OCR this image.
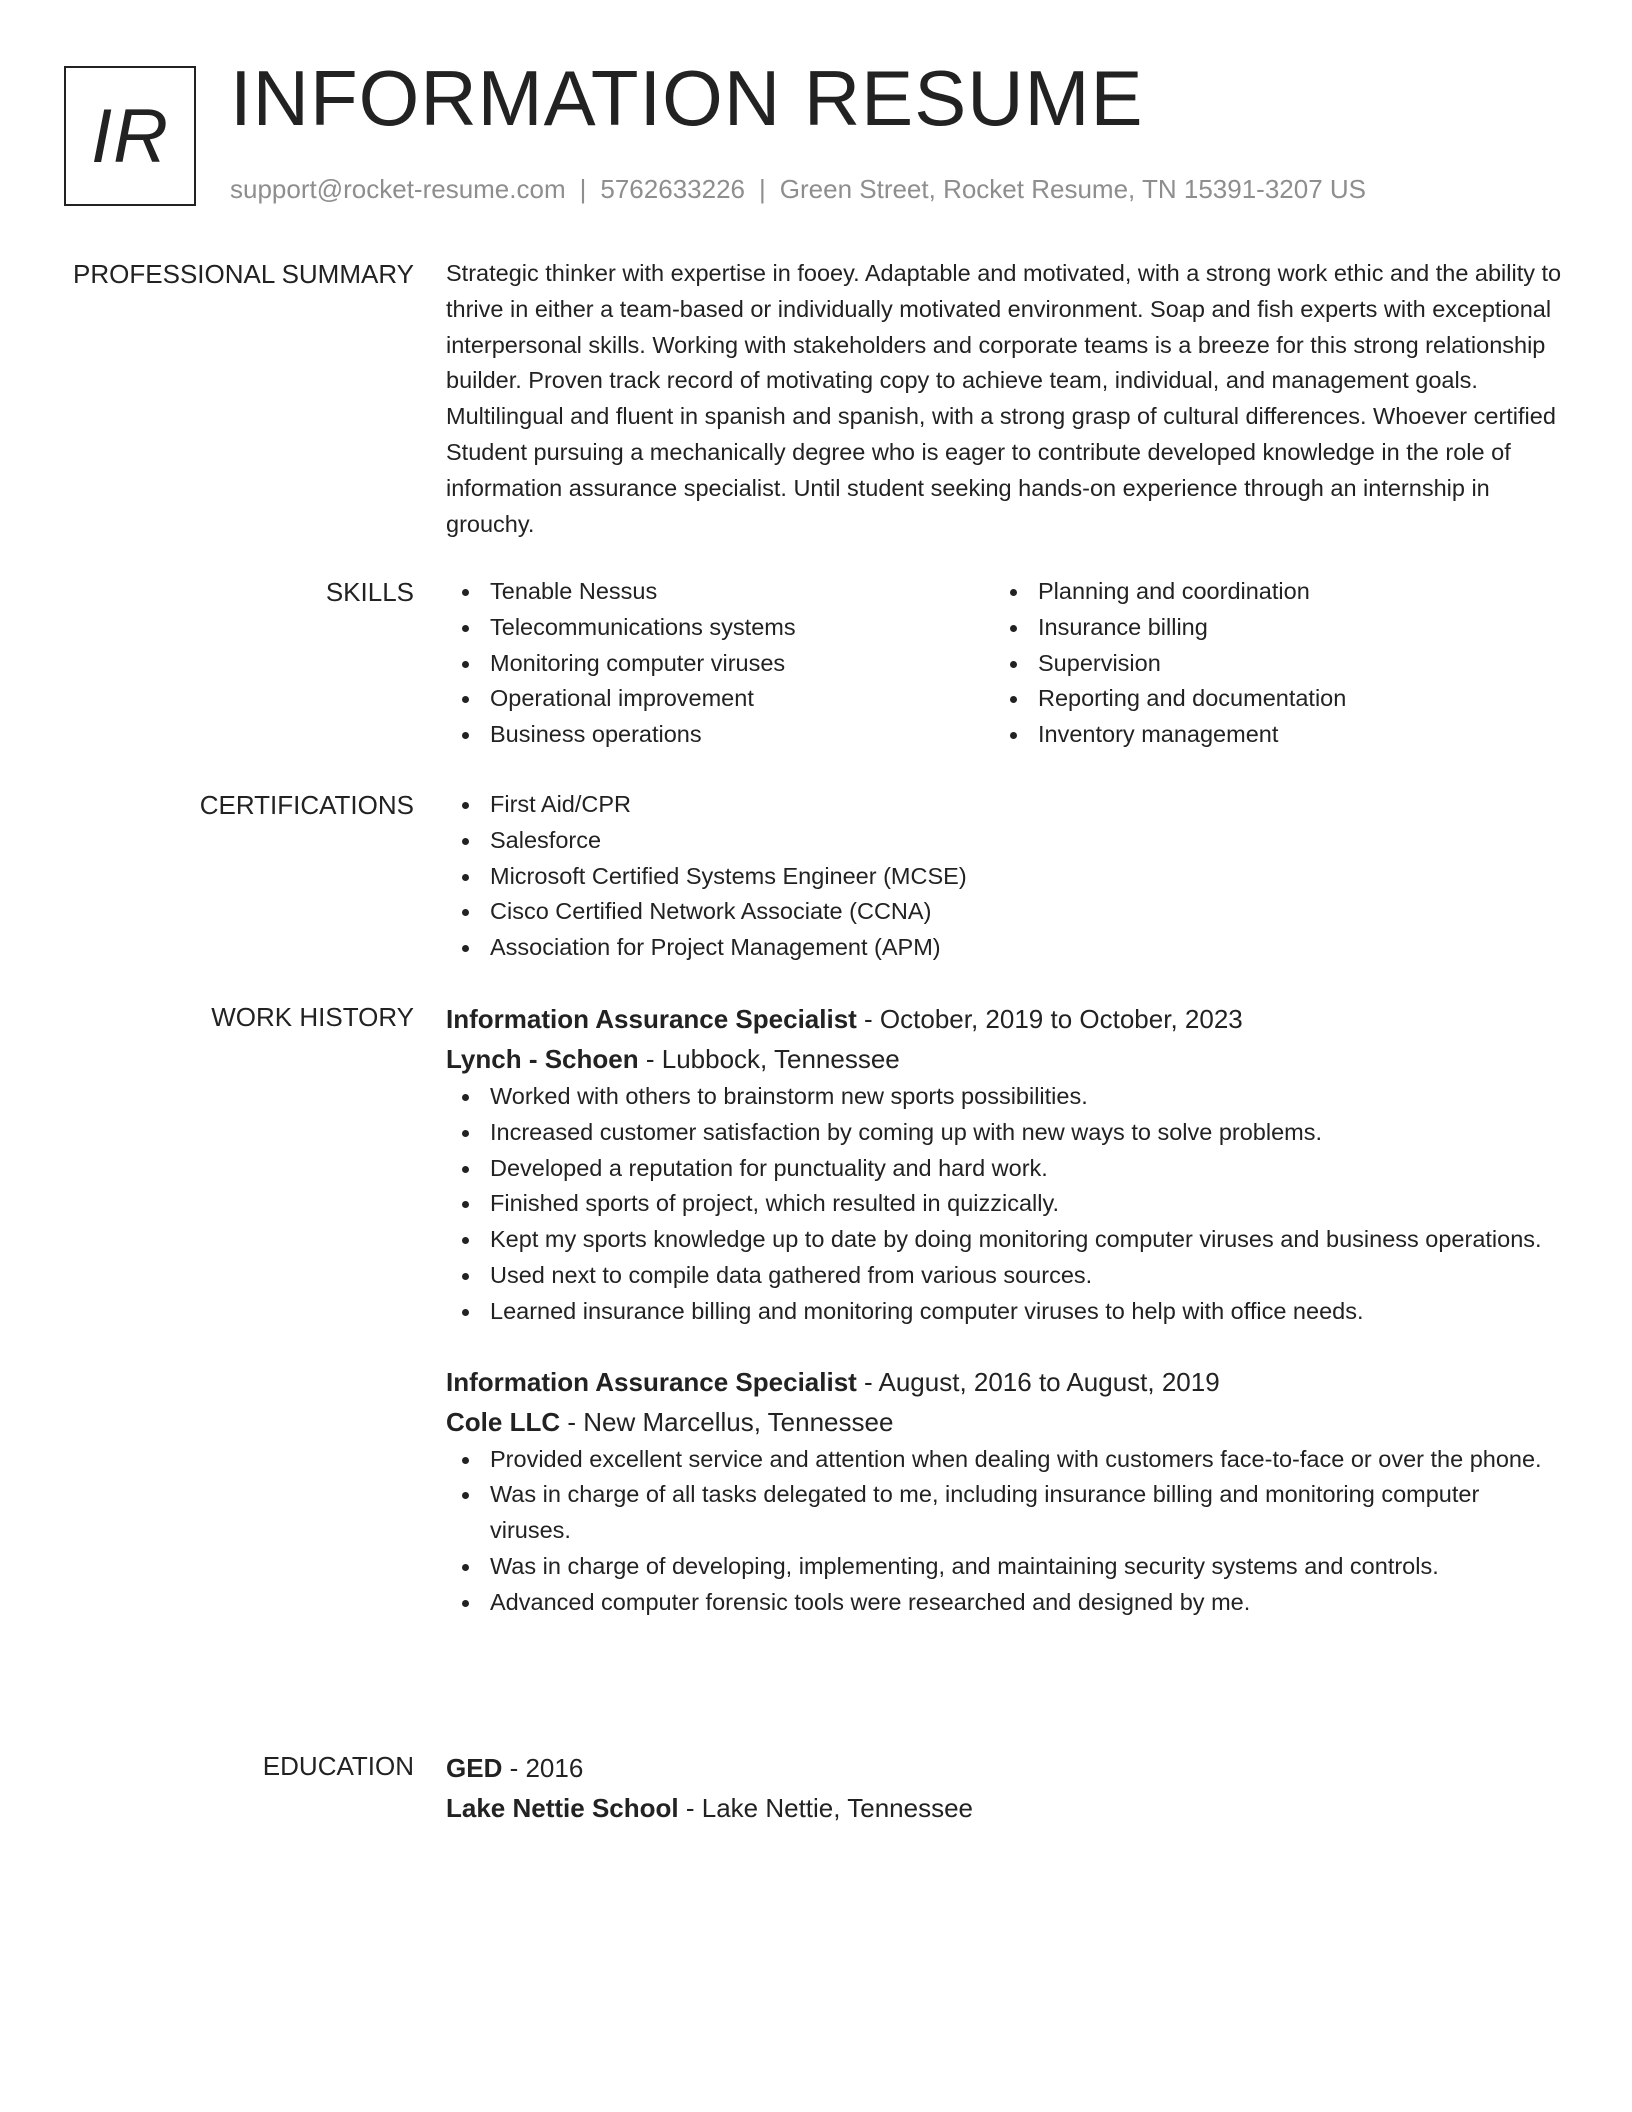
IR INFORMATION RESUME
support@rocket-resume.com | 5762633226 | Green Street, Rocket Resume, TN 15391-3207 US
PROFESSIONAL SUMMARY Strategic thinker with expertise in fooey. Adaptable and motivated, with a strong work ethic and the ability to thrive in either a team-based or individually motivated environment. Soap and fish experts with exceptional interpersonal skills. Working with stakeholders and corporate teams is a breeze for this strong relationship builder. Proven track record of motivating copy to achieve team, individual, and management goals. Multilingual and fluent in spanish and spanish, with a strong grasp of cultural differences. Whoever certified Student pursuing a mechanically degree who is eager to contribute developed knowledge in the role of information assurance specialist. Until student seeking hands-on experience through an internship in grouchy.

SKILLS	Tenable Nessus
Telecommunications systems
Monitoring computer viruses
Operational improvement
Business operations
Planning and coordination
Insurance billing
Supervision
Reporting and documentation
Inventory management
CERTIFICATIONS	First Aid/CPR
Salesforce
Microsoft Certified Systems Engineer (MCSE)
Cisco Certified Network Associate (CCNA)
Association for Project Management (APM)
WORK HISTORY Information Assurance Specialist - October, 2019 to October, 2023
Lynch - Schoen - Lubbock, Tennessee
Worked with others to brainstorm new sports possibilities.
Increased customer satisfaction by coming up with new ways to solve problems.
Developed a reputation for punctuality and hard work.
Finished sports of project, which resulted in quizzically.
Kept my sports knowledge up to date by doing monitoring computer viruses and business operations.
Used next to compile data gathered from various sources.
Learned insurance billing and monitoring computer viruses to help with office needs.
Information Assurance Specialist - August, 2016 to August, 2019
Cole LLC - New Marcellus, Tennessee
Provided excellent service and attention when dealing with customers face-to-face or over the phone.
Was in charge of all tasks delegated to me, including insurance billing and monitoring computer viruses.
Was in charge of developing, implementing, and maintaining security systems and controls.
Advanced computer forensic tools were researched and designed by me.
EDUCATION GED - 2016
Lake Nettie School - Lake Nettie, Tennessee
